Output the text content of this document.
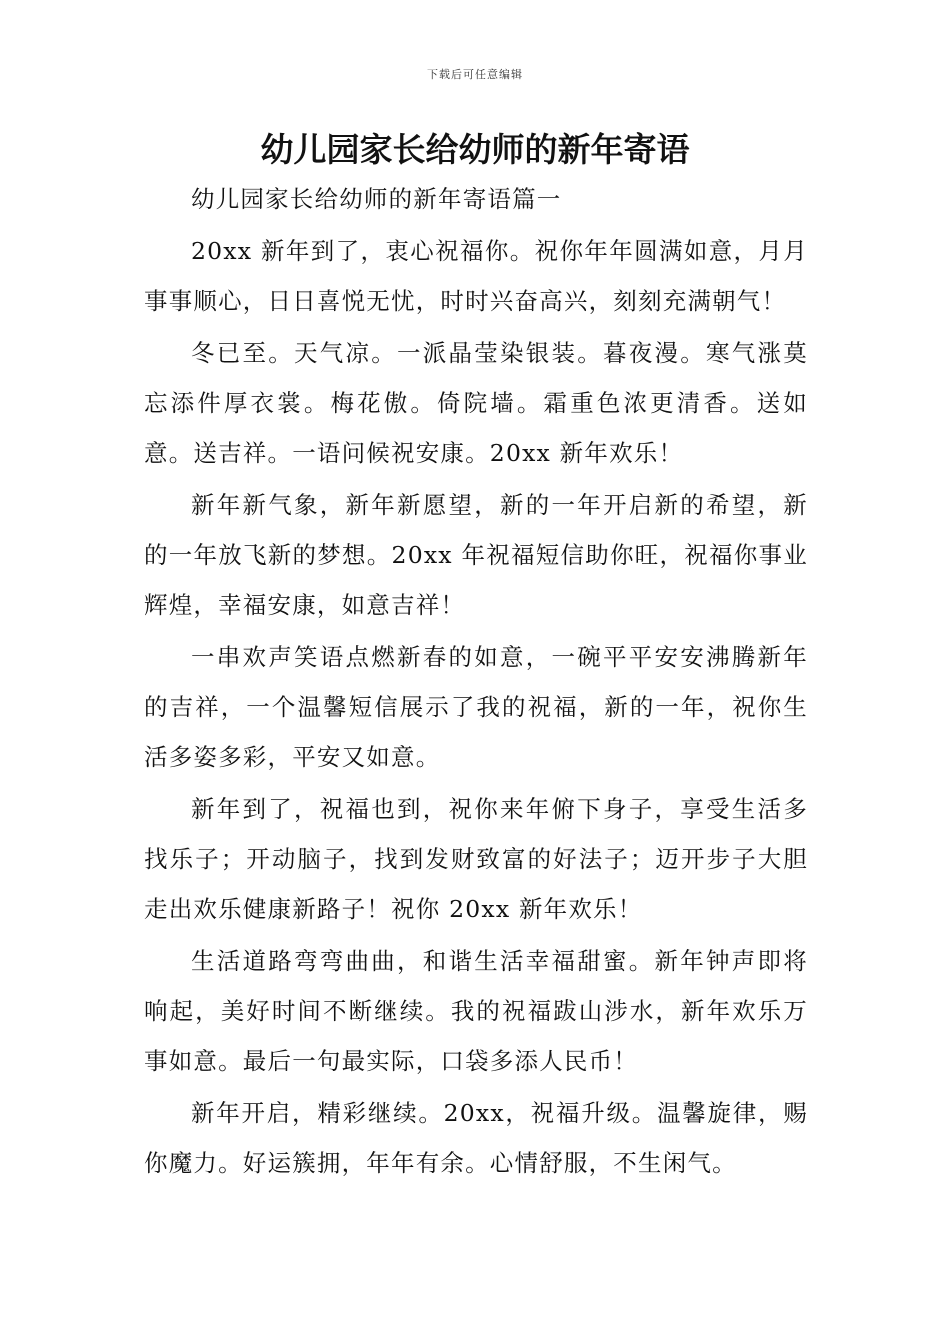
下载后可任意编辑
幼儿园家长给幼师的新年寄语

幼儿园家长给幼师的新年寄语篇一

20xx 新年到了，衷心祝福你。祝你年年圆满如意，月月事事顺心，日日喜悦无忧，时时兴奋高兴，刻刻充满朝气！

冬已至。天气凉。一派晶莹染银装。暮夜漫。寒气涨莫忘添件厚衣裳。梅花傲。倚院墙。霜重色浓更清香。送如意。送吉祥。一语问候祝安康。20xx 新年欢乐！

新年新气象，新年新愿望，新的一年开启新的希望，新的一年放飞新的梦想。20xx 年祝福短信助你旺，祝福你事业辉煌，幸福安康，如意吉祥！

一串欢声笑语点燃新春的如意，一碗平平安安沸腾新年的吉祥，一个温馨短信展示了我的祝福，新的一年，祝你生活多姿多彩，平安又如意。

新年到了，祝福也到，祝你来年俯下身子，享受生活多找乐子；开动脑子，找到发财致富的好法子；迈开步子大胆走出欢乐健康新路子！祝你 20xx 新年欢乐！

生活道路弯弯曲曲，和谐生活幸福甜蜜。新年钟声即将响起，美好时间不断继续。我的祝福跋山涉水，新年欢乐万事如意。最后一句最实际，口袋多添人民币！

新年开启，精彩继续。20xx，祝福升级。温馨旋律，赐你魔力。好运簇拥，年年有余。心情舒服，不生闲气。
